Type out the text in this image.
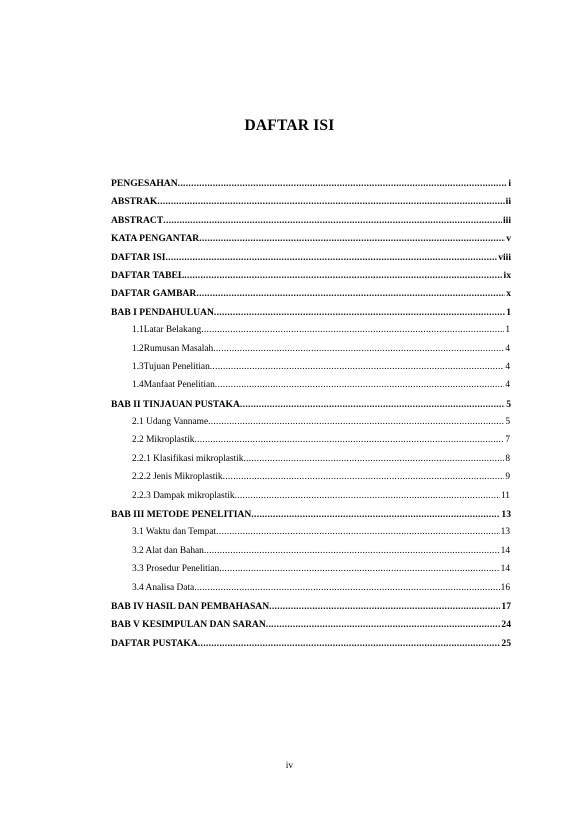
DAFTAR ISI
PENGESAHAN .....	i
ABSTRAK .....	ii
ABSTRACT .....	iii
KATA PENGANTAR .....	v
DAFTAR ISI .....	viii
DAFTAR TABEL .....	ix
DAFTAR GAMBAR .....	x
BAB I PENDAHULUAN .....	1
1.1 Latar Belakang .....	1
1.2 Rumusan Masalah .....	4
1.3 Tujuan Penelitian .....	4
1.4 Manfaat Penelitian .....	4
BAB II TINJAUAN PUSTAKA .....	5
2.1 Udang Vanname .....	5
2.2 Mikroplastik .....	7
2.2.1 Klasifikasi mikroplastik .....	8
2.2.2 Jenis Mikroplastik .....	9
2.2.3 Dampak mikroplastik .....	11
BAB III METODE PENELITIAN .....	13
3.1 Waktu dan Tempat .....	13
3.2 Alat dan Bahan .....	14
3.3 Prosedur Penelitian .....	14
3.4 Analisa Data .....	16
BAB IV HASIL DAN PEMBAHASAN .....	17
BAB V KESIMPULAN DAN SARAN .....	24
DAFTAR PUSTAKA .....	25
iv
